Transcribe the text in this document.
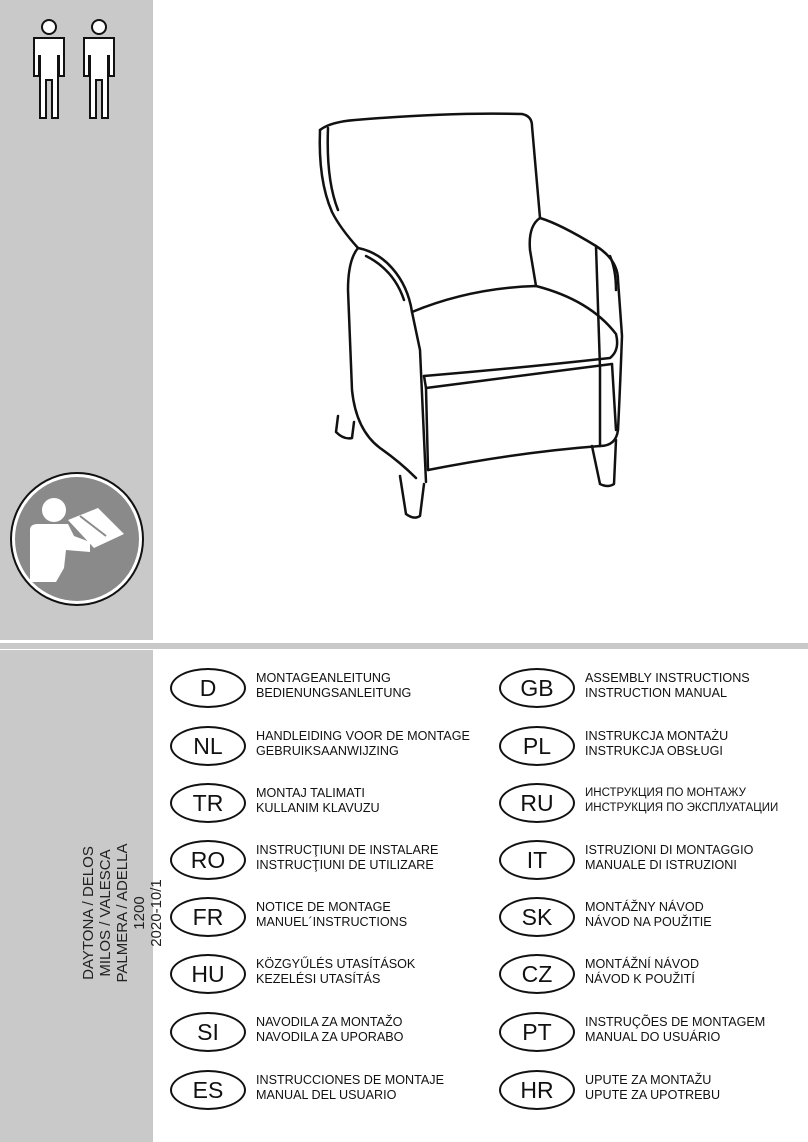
DAYTONA / DELOS MILOS / VALESCA PALMERA / ADELLA 1200 2020-10/1
D	MONTAGEANLEITUNG
BEDIENUNGSANLEITUNG
NL	HANDLEIDING VOOR DE MONTAGE
GEBRUIKSAANWIJZING
TR	MONTAJ TALIMATI
KULLANIM KLAVUZU
RO	INSTRUCŢIUNI DE INSTALARE
INSTRUCŢIUNI DE UTILIZARE
FR	NOTICE DE MONTAGE
MANUEL´INSTRUCTIONS
HU	KÖZGYŰLÉS UTASÍTÁSOK
KEZELÉSI UTASÍTÁS
SI	NAVODILA ZA MONTAŽO
NAVODILA ZA UPORABO
ES	INSTRUCCIONES DE MONTAJE
MANUAL DEL USUARIO
GB	ASSEMBLY INSTRUCTIONS
INSTRUCTION MANUAL
PL	INSTRUKCJA MONTAŻU
INSTRUKCJA OBSŁUGI
RU	ИНСТРУКЦИЯ ПО МОНТАЖУ
ИНСТРУКЦИЯ ПО ЭКСПЛУАТАЦИИ
IT	ISTRUZIONI DI MONTAGGIO
MANUALE DI ISTRUZIONI
SK	MONTÁŽNY NÁVOD
NÁVOD NA POUŽITIE
CZ	MONTÁŽNÍ NÁVOD
NÁVOD K POUŽITÍ
PT	INSTRUÇÕES DE MONTAGEM
MANUAL DO USUÁRIO
HR	UPUTE ZA MONTAŽU
UPUTE ZA UPOTREBU
